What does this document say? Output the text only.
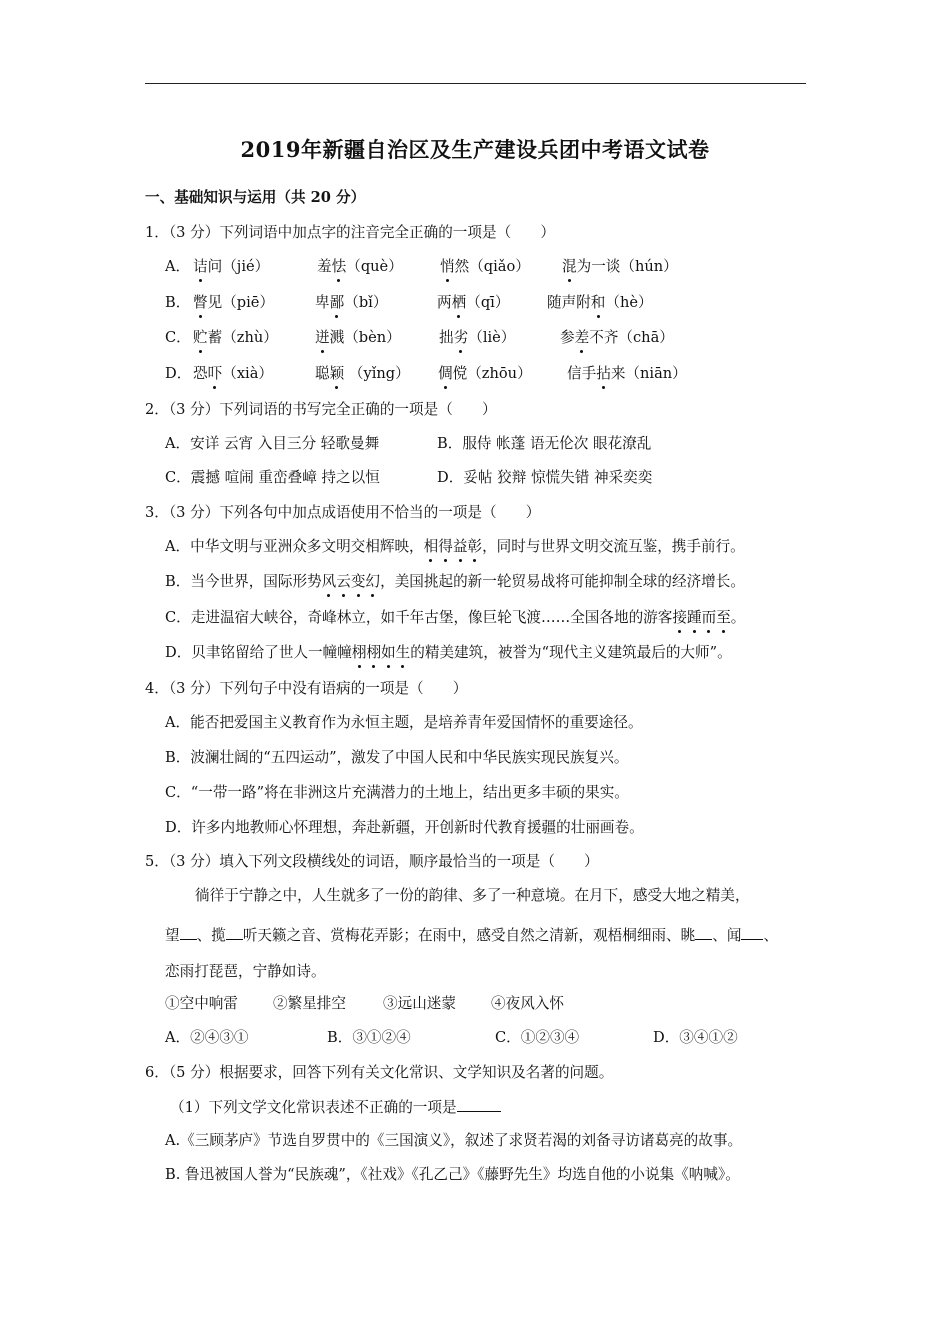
2019年新疆自治区及生产建设兵团中考语文试卷
一、基础知识与运用（共 20 分）
1．（3 分）下列词语中加点字的注音完全正确的一项是（　　）
A． 诘问（jié）	羞怯（què）	悄然（qiǎo） 混为一谈（hún）
B． 瞥见（piē）	卑鄙（bǐ）	两栖（qī）	随声附和（hè）
C． 贮蓄（zhù）	迸溅（bèn）	拙劣（liè）	参差不齐（chā）
D． 恐吓（xià）	聪颖 （yǐng） 倜傥（zhōu） 信手拈来（niān）
2．（3 分）下列词语的书写完全正确的一项是（　　）
A．安详 云宵 入目三分 轻歌曼舞	B．服侍 帐蓬 语无伦次 眼花潦乱
C．震撼 喧闹 重峦叠嶂 持之以恒	D．妥帖 狡辩 惊慌失错 神采奕奕
3．（3 分）下列各句中加点成语使用不恰当的一项是（　　）
A．中华文明与亚洲众多文明交相辉映，相得益彰，同时与世界文明交流互鉴，携手前行。
B．当今世界，国际形势风云变幻，美国挑起的新一轮贸易战将可能抑制全球的经济增长。
C．走进温宿大峡谷，奇峰林立，如千年古堡，像巨轮飞渡……全国各地的游客接踵而至。
D．贝聿铭留给了世人一幢幢栩栩如生的精美建筑，被誉为“现代主义建筑最后的大师”。
4．（3 分）下列句子中没有语病的一项是（　　）
A．能否把爱国主义教育作为永恒主题，是培养青年爱国情怀的重要途径。
B．波澜壮阔的“五四运动”，激发了中国人民和中华民族实现民族复兴。
C．“一带一路”将在非洲这片充满潜力的土地上，结出更多丰硕的果实。
D．许多内地教师心怀理想，奔赴新疆，开创新时代教育援疆的壮丽画卷。
5．（3 分）填入下列文段横线处的词语，顺序最恰当的一项是（　　）
徜徉于宁静之中，人生就多了一份的韵律、多了一种意境。在月下，感受大地之精美，
望 、揽 听天籁之音、赏梅花弄影；在雨中，感受自然之清新，观梧桐细雨、眺 、闻 、
恋雨打琵琶，宁静如诗。
①空中响雷 ②繁星排空	③远山迷蒙 ④夜风入怀
A．②④③①	B．③①②④	C．①②③④	D．③④①②
6．（5 分）根据要求，回答下列有关文化常识、文学知识及名著的问题。
（1）下列文学文化常识表述不正确的一项是
A.《三顾茅庐》节选自罗贯中的《三国演义》，叙述了求贤若渴的刘备寻访诸葛亮的故事。
B. 鲁迅被国人誉为“民族魂”，《社戏》《孔乙己》《藤野先生》均选自他的小说集《呐喊》。
